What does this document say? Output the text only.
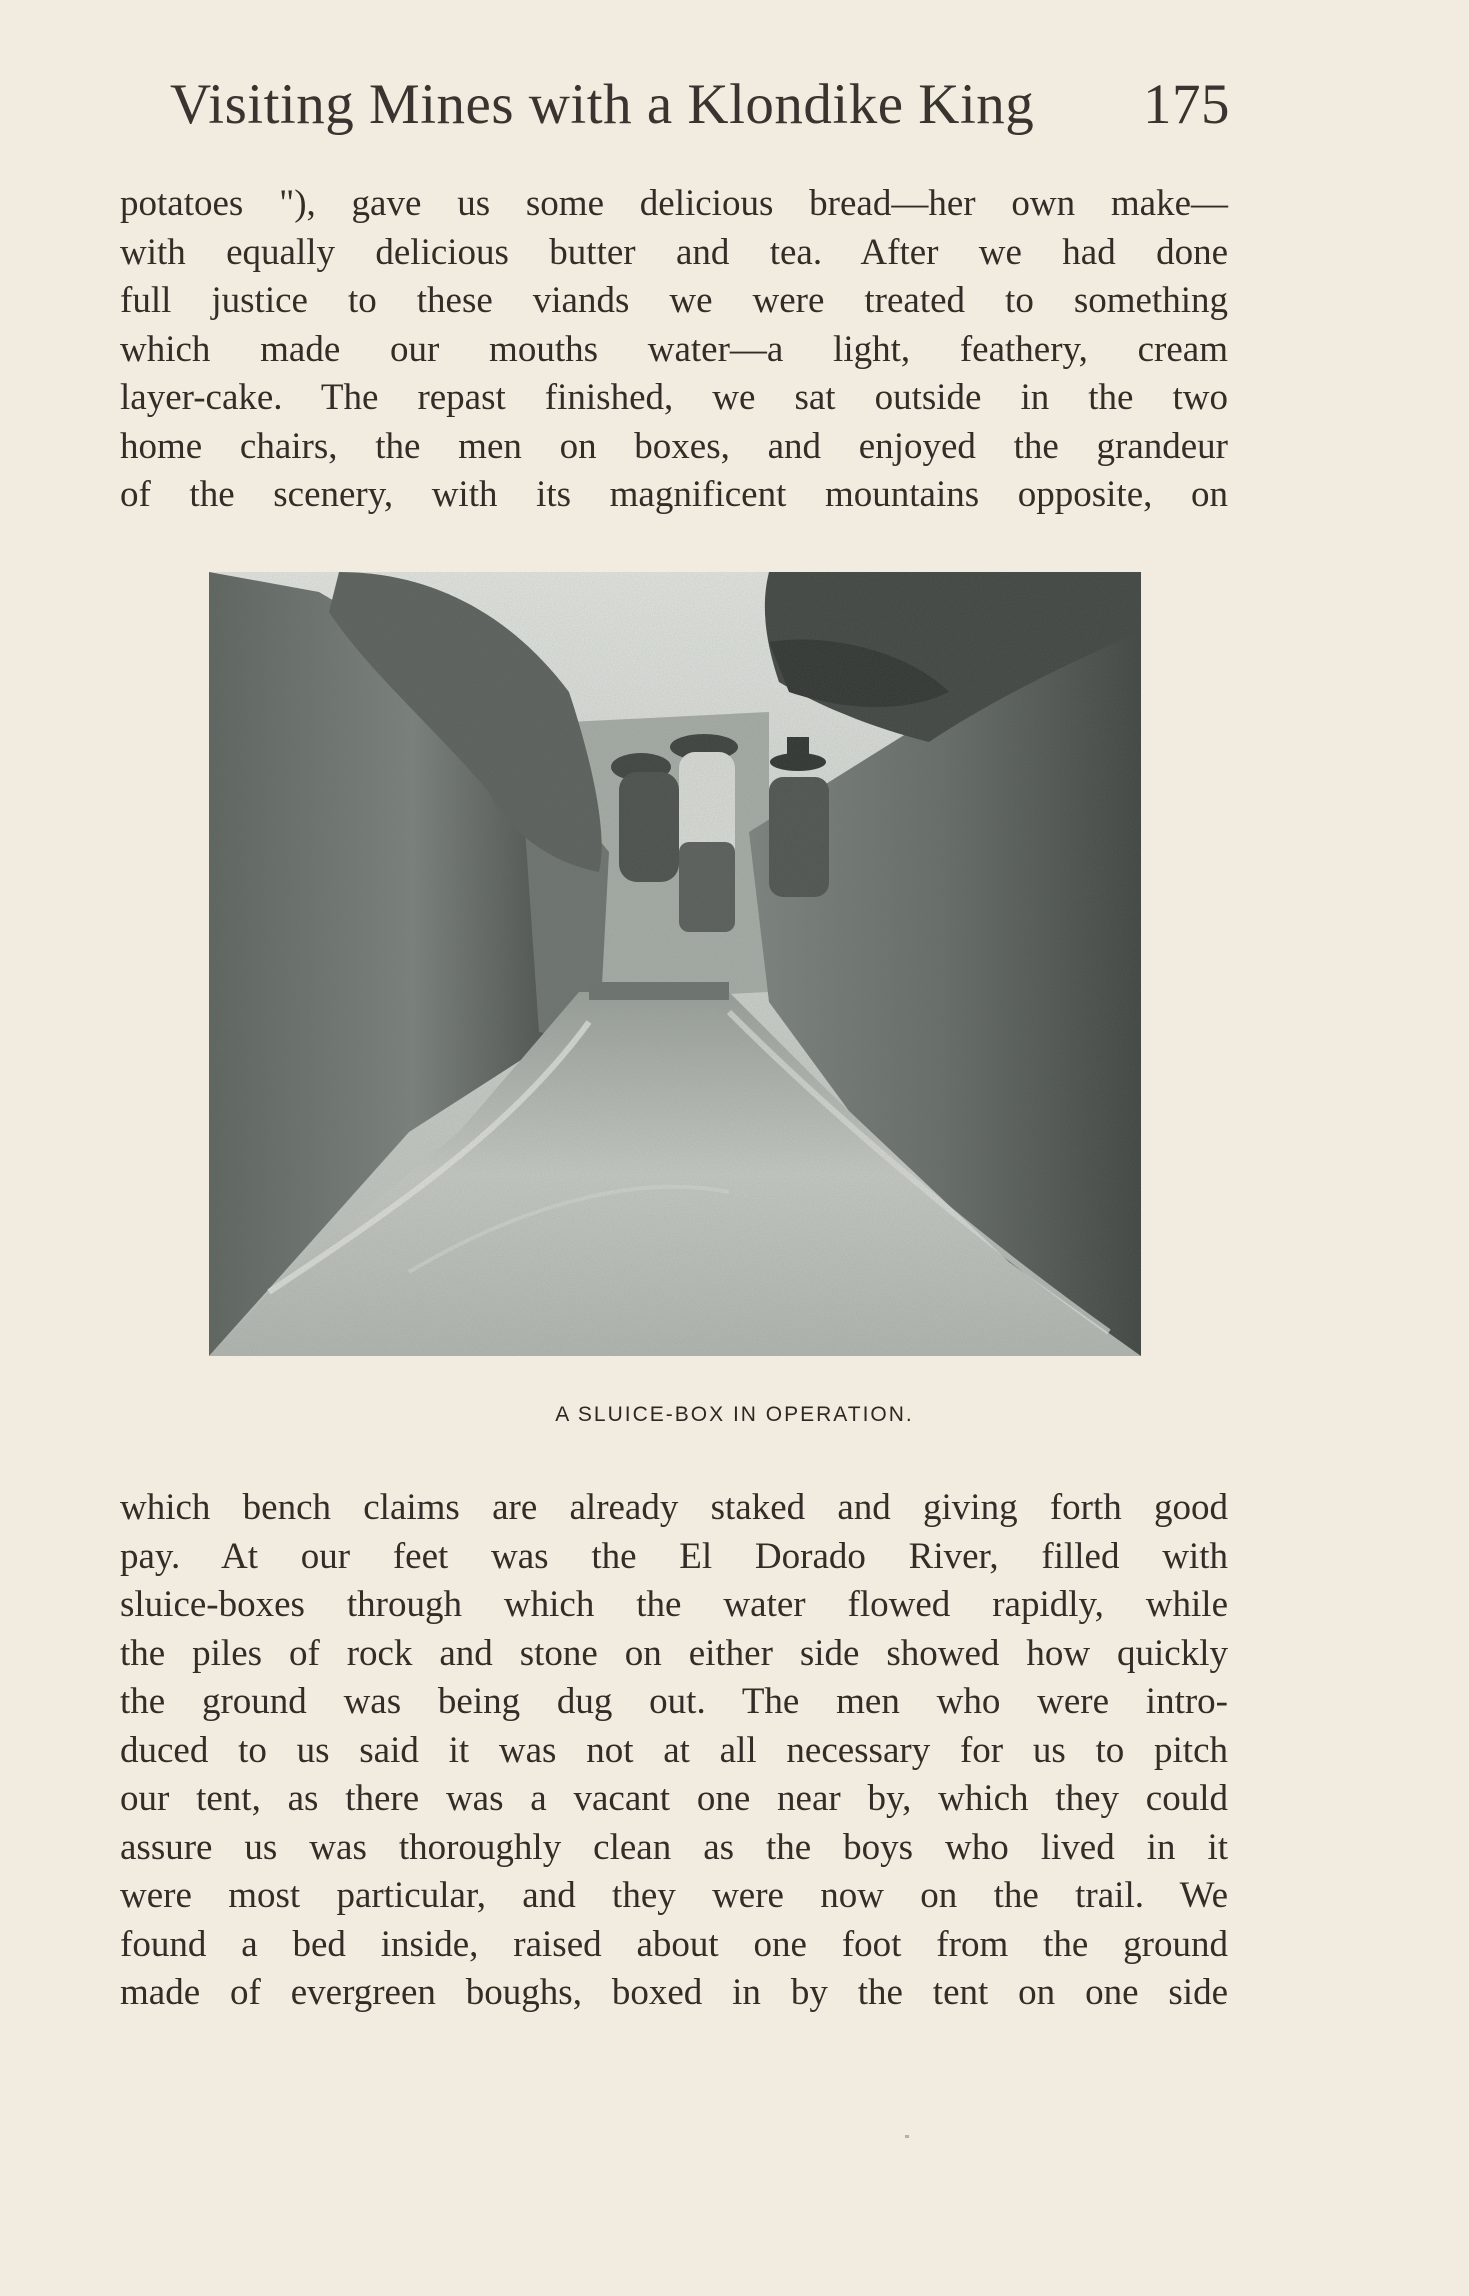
Visiting Mines with a Klondike King 175
potatoes "), gave us some delicious bread—her own make—
with equally delicious butter and tea. After we had done
full justice to these viands we were treated to something
which made our mouths water—a light, feathery, cream
layer-cake. The repast finished, we sat outside in the two
home chairs, the men on boxes, and enjoyed the grandeur
of the scenery, with its magnificent mountains opposite, on
A SLUICE-BOX IN OPERATION.
which bench claims are already staked and giving forth good
pay. At our feet was the El Dorado River, filled with
sluice-boxes through which the water flowed rapidly, while
the piles of rock and stone on either side showed how quickly
the ground was being dug out. The men who were intro-
duced to us said it was not at all necessary for us to pitch
our tent, as there was a vacant one near by, which they could
assure us was thoroughly clean as the boys who lived in it
were most particular, and they were now on the trail. We
found a bed inside, raised about one foot from the ground
made of evergreen boughs, boxed in by the tent on one side
